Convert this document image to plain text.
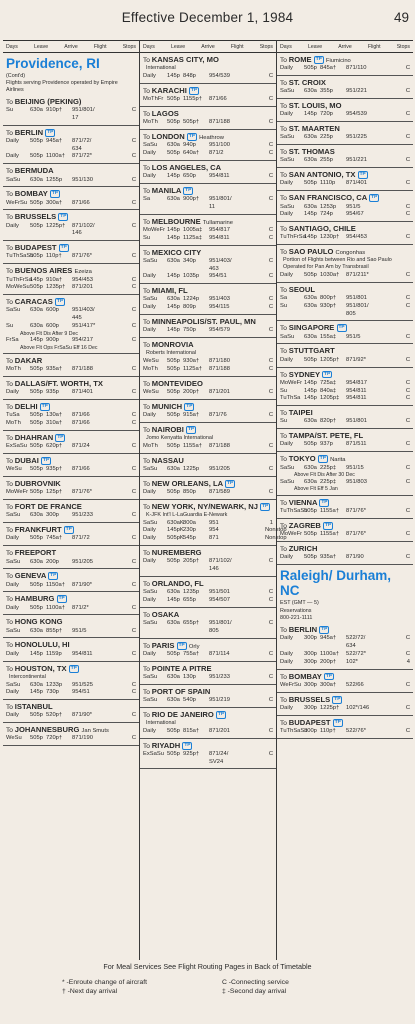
Effective December 1, 1984	49
Days	Leave	Arrive	Flight	Stops
Providence, RI
(Cont'd)
Flights serving Providence operated by Empire Airlines
To BEIJING (PEKING)
Su	630a 910p†	951/801/	C
17
To BERLIN TP
Daily	505p 945a†	871/72/	C
634
Daily	505p 1100a†	871/72*	C
To BERMUDA
SaSu	630a 1255p	951/130	C
To BOMBAY TP
WeFrSu 505p 300a†	871/66	C
To BRUSSELS TP
Daily	505p 1225p†	871/102/	C
146
To BUDAPEST TP
TuThSaSu
505p 110p†	871/76*	C
To BUENOS AIRES Ezeiza
TuThFrSa
145p 910a†	954/453	C
MoWeSu 505p 1235p†	871/201	C
To CARACAS TP
SaSu	630a 600p	951/403/	C
445
Su	630a 600p	951/417*	C
Above Flt Dis After 9 Dec
FrSa	145p 900p	954/217	C
Above Flt Ops FrSaSu Eff 16 Dec
To DAKAR
MoTh	505p 935a†	871/188	C
To DALLAS/FT. WORTH, TX
Daily	505p 935p	871/401	C
To DELHI TP
TuSa	505p 130a†	871/66	C
MoTh	505p 310a†	871/66	C
To DHAHRAN TP
ExSaSu 505p 620p†	871/24	C
To DUBAI TP
WeSu	505p 935p†	871/66	C
To DUBROVNIK
MoWeFr 505p 125p†	871/76*	C
To FORT DE FRANCE
SaSu	630a 300p	951/233	C
To FRANKFURT TP
Daily	505p 745a†	871/72	C
To FREEPORT
SaSu	630a 200p	951/205	C
To GENEVA TP
Daily	505p 1150a†	871/90*	C
To HAMBURG TP
Daily	505p 1100a†	871/2*	C
To HONG KONG
SaSu	630a 855p†	951/5	C
To HONOLULU, HI
Daily	145p 1159p	954/811	C
To HOUSTON, TX TP
Intercontinental
SaSu	630a 1233p	951/525	C
Daily	145p 730p	954/51	C
To ISTANBUL
Daily	505p 520p†	871/90*	C
To JOHANNESBURG Jan Smuts
WeSu	505p 720p†	871/190	C
Days	Leave	Arrive	Flight	Stops
To KANSAS CITY, MO
International
Daily	145p 848p	954/539	C
To KARACHI TP
MoThFr 505p 1155p†	871/66	C
To LAGOS
MoTh	505p 505p†	871/188	C
To LONDON TP Heathrow
SaSu	630a 940p	951/100	C
Daily	505p 640a†	871/2	C
To LOS ANGELES, CA
Daily	145p 650p	954/811	C
To MANILA TP
Sa	630a 900p†	951/801/	C
11
To MELBOURNE Tullamarine
MoWeFr 145p 1005a‡	954/817	C
Su	145p 1125a‡	954/811	C
To MEXICO CITY
SaSu	630a 340p	951/403/	C
463
Daily	145p 1035p	954/51	C
To MIAMI, FL
SaSu	630a 1224p	951/403	C
Daily	145p 809p	954/115	C
To MINNEAPOLIS/ST. PAUL, MN
Daily	145p 750p	954/579	C
To MONROVIA
Roberts International
WeSu	505p 930a†	871/180	C
MoTh	505p 1125a†	871/188	C
To MONTEVIDEO
WeSu	505p 200p†	871/201	C
To MUNICH TP
Daily	505p 915a†	871/76	C
To NAIROBI TP
Jomo Kenyatta International
MoTh	505p 1155a†	871/188	C
To NASSAU
SaSu	630a 1225p	951/205	C
To NEW ORLEANS, LA TP
Daily	505p 850p	871/589	C
To NEW YORK, NY/NEWARK, NJ TP
K-JFK Int'l L-LaGuardia E-Newark
SaSu	630aK 800a	951	1
Daily	145pK 230p	954	Nonstop
Daily	505pK 545p	871	Nonstop
To NUREMBERG
Daily	505p 205p†	871/102/	C
146
To ORLANDO, FL
SaSu	630a 1235p	951/501	C
Daily	145p 655p	954/507	C
To OSAKA
SaSu	630a 655p†	951/801/	C
805
To PARIS TP Orly
Daily	505p 755a†	871/114	C
To POINTE A PITRE
SaSu	630a 130p	951/233	C
To PORT OF SPAIN
SaSu	630a 540p	951/219	C
To RIO DE JANEIRO TP
International
Daily	505p 815a†	871/201	C
To RIYADH TP
ExSaSu 505p 925p†	871/24/	C
SV24
Days	Leave	Arrive	Flight	Stops
To ROME TP Fiumicino
Daily	505p 845a†	871/110	C
To ST. CROIX
SaSu	630a 355p	951/221	C
To ST. LOUIS, MO
Daily	145p 720p	954/539	C
To ST. MAARTEN
SaSu	630a 225p	951/225	C
To ST. THOMAS
SaSu	630a 255p	951/221	C
To SAN ANTONIO, TX TP
Daily	505p 1110p	871/401	C
To SAN FRANCISCO, CA TP
SaSu	630a 1253p	951/5	C
Daily	145p 724p	954/67	C
To SANTIAGO, CHILE
TuThFrSa
145p 1230p†	954/453	C
To SAO PAULO Congonhas
Portion of Flights between Rio and Sao Paulo Operated for Pan Am by Transbrasil
Daily	505p 1030a†	871/211*	C
To SEOUL
Sa	630a 800p†	951/801	C
Su	630a 930p†	951/801/	C
805
To SINGAPORE TP
SaSu	630a 155a‡	951/5	C
To STUTTGART
Daily	505p 1205p†	871/92*	C
To SYDNEY TP
MoWeFr 145p 725a‡	954/817	C
Su	145p 840a‡	954/811	C
TuThSa 145p 1205p‡	954/811	C
To TAIPEI
Su	630a 820p†	951/801	C
To TAMPA/ST. PETE, FL
Daily	505p 937p	871/511	C
To TOKYO TP Narita
SaSu	630a 225p‡	951/15	C
Above Flt Dis After 30 Dec
SaSu	630a 225p‡	951/803	C
Above Flt Eff 5 Jan
To VIENNA TP
TuThSaSu
505p 1155a†	871/76*	C
To ZAGREB TP
MoWeFr 505p 1155a†	871/76*	C
To ZURICH
Daily	505p 935a†	871/90	C
Raleigh/ Durham, NC
EST (GMT — 5)
Reservations
800-221-1111
To BERLIN TP
Daily	300p 945a†	522/72/	C
634
Daily	300p 1100a†	522/72*	C
Daily	300p 200p†	102*	4
To BOMBAY TP
WeFrSu 300p 300a†	522/66	C
To BRUSSELS TP
Daily	300p 1225p†	102*/146	C
To BUDAPEST TP
TuThSaSu
300p 110p†	522/76*	C
For Meal Services See Flight Routing Pages in Back of Timetable
* -Enroute change of aircraft
† -Next day arrival
C -Connecting service
‡ -Second day arrival
